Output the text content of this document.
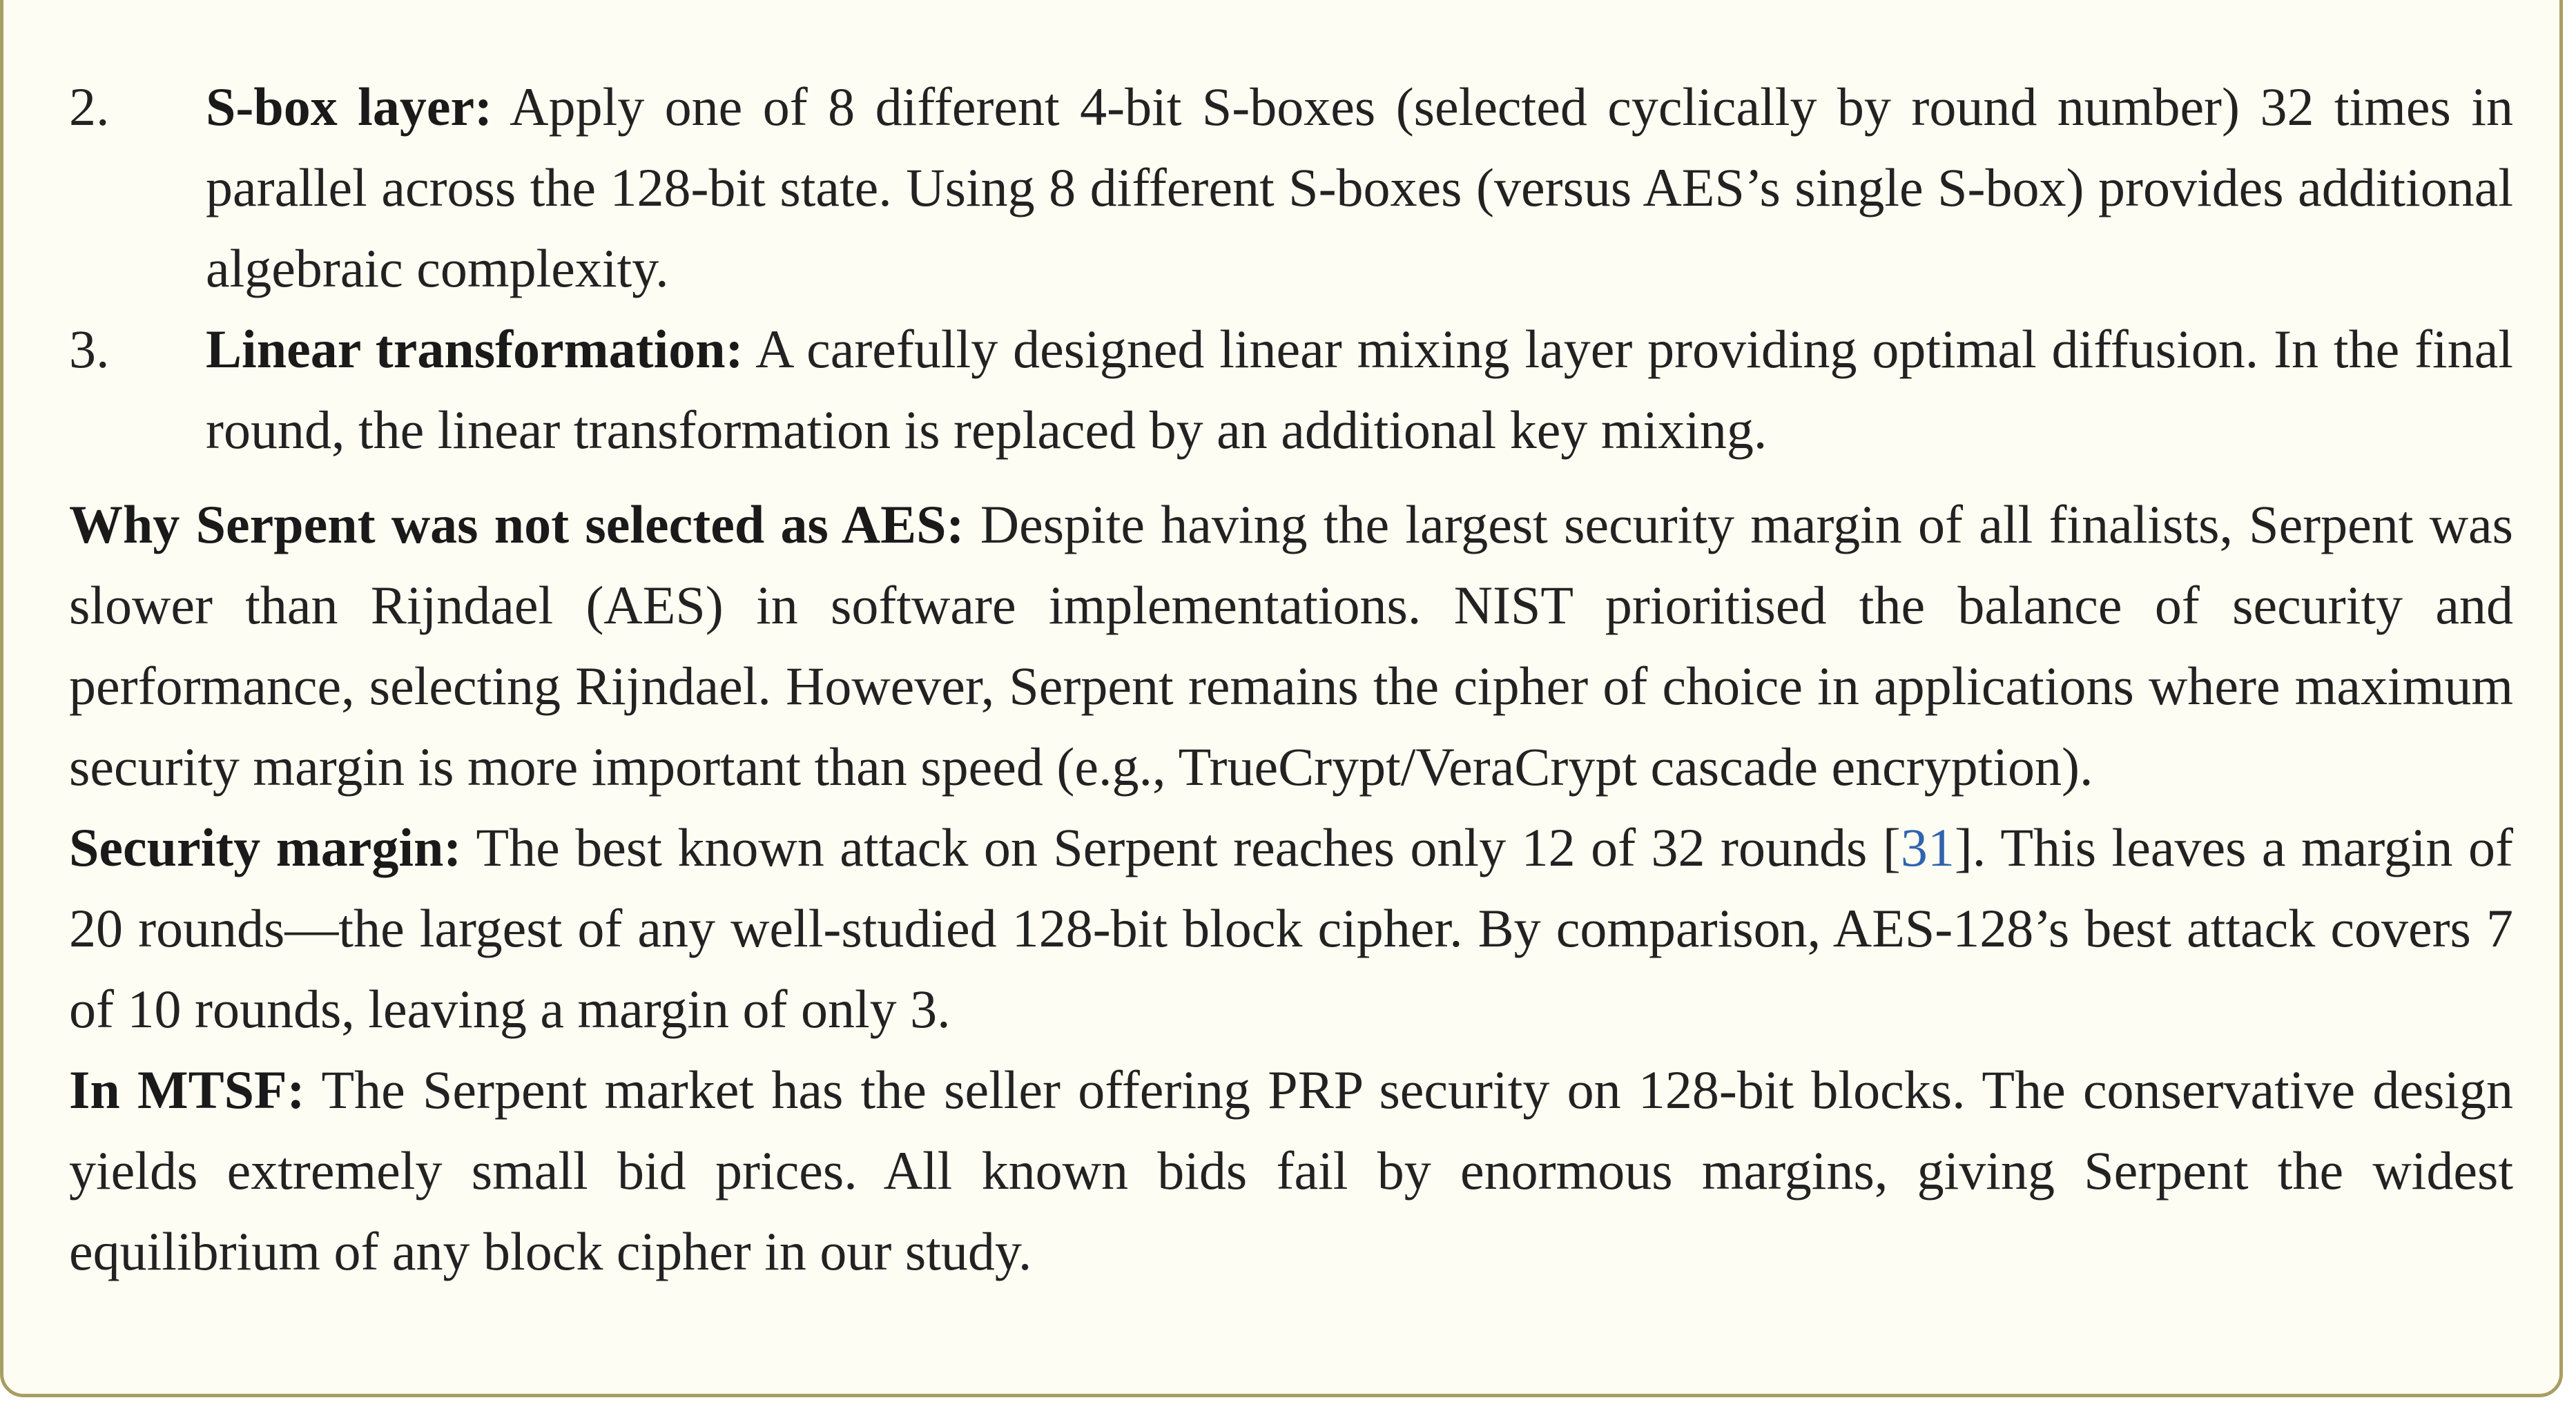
2.	S-box layer: Apply one of 8 different 4-bit S-boxes (selected cyclically by round number) 32 times in parallel across the 128-bit state. Using 8 different S-boxes (versus AES’s single S-box) provides additional algebraic complexity.
3.	Linear transformation: A carefully designed linear mixing layer providing optimal diffusion. In the final round, the linear transformation is replaced by an additional key mixing.

Why Serpent was not selected as AES: Despite having the largest security margin of all finalists, Serpent was slower than Rijndael (AES) in software implementations. NIST prioritised the balance of security and performance, selecting Rijndael. However, Serpent remains the cipher of choice in applications where maximum security margin is more important than speed (e.g., TrueCrypt/VeraCrypt cascade encryption).

Security margin: The best known attack on Serpent reaches only 12 of 32 rounds [31]. This leaves a margin of 20 rounds—the largest of any well-studied 128-bit block cipher. By comparison, AES-128’s best attack covers 7 of 10 rounds, leaving a margin of only 3.

In MTSF: The Serpent market has the seller offering PRP security on 128-bit blocks. The conservative design yields extremely small bid prices. All known bids fail by enormous margins, giving Serpent the widest equilibrium of any block cipher in our study.
